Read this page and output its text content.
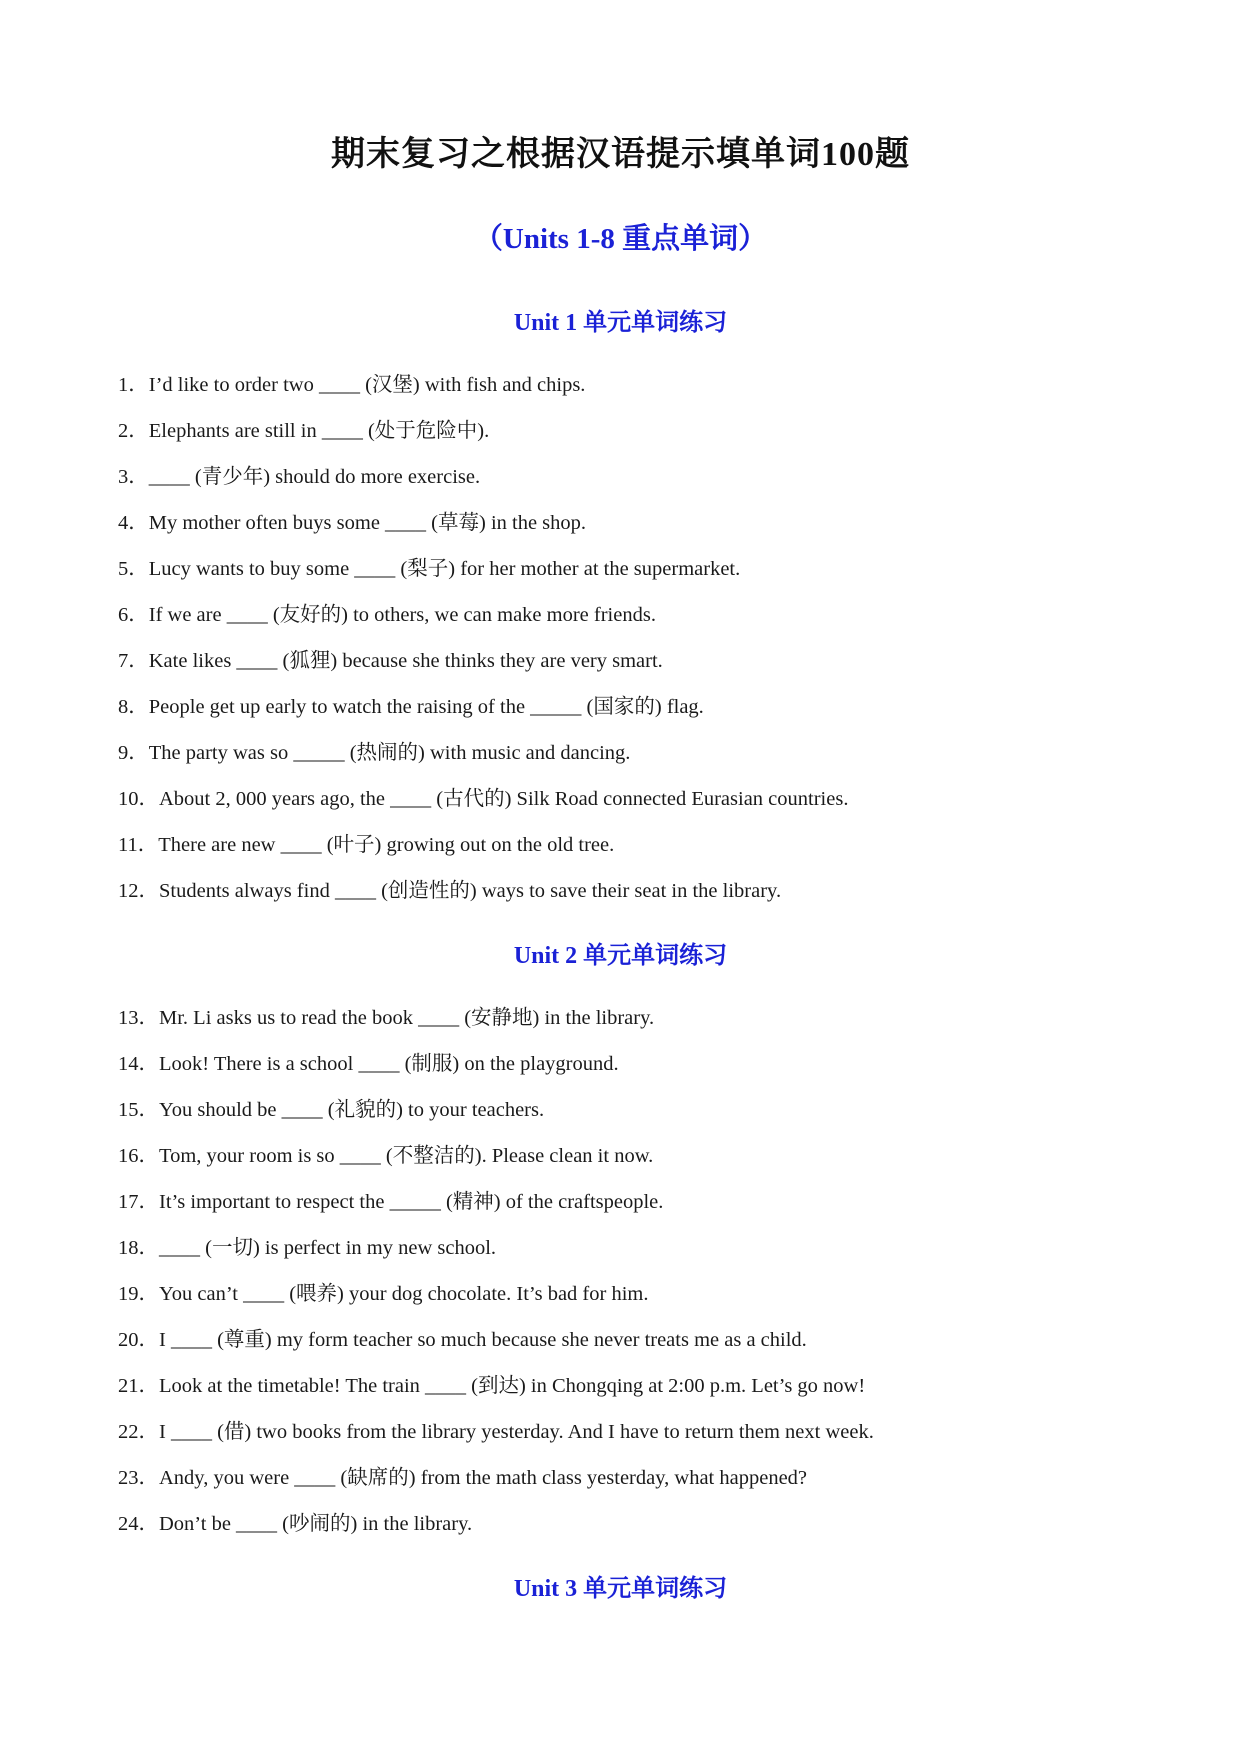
期末复习之根据汉语提示填单词100题
（Units 1-8 重点单词）
Unit 1 单元单词练习
1．I’d like to order two ____ (汉堡) with fish and chips.
2．Elephants are still in ____ (处于危险中).
3．____ (青少年) should do more exercise.
4．My mother often buys some ____ (草莓) in the shop.
5．Lucy wants to buy some ____ (梨子) for her mother at the supermarket.
6．If we are ____ (友好的) to others, we can make more friends.
7．Kate likes ____ (狐狸) because she thinks they are very smart.
8．People get up early to watch the raising of the _____ (国家的) flag.
9．The party was so _____ (热闹的) with music and dancing.
10．About 2, 000 years ago, the ____ (古代的) Silk Road connected Eurasian countries.
11．There are new ____ (叶子) growing out on the old tree.
12．Students always find ____ (创造性的) ways to save their seat in the library.
Unit 2 单元单词练习
13．Mr. Li asks us to read the book ____ (安静地) in the library.
14．Look! There is a school ____ (制服) on the playground.
15．You should be ____ (礼貌的) to your teachers.
16．Tom, your room is so ____ (不整洁的). Please clean it now.
17．It’s important to respect the _____ (精神) of the craftspeople.
18．____ (一切) is perfect in my new school.
19．You can’t ____ (喂养) your dog chocolate. It’s bad for him.
20．I ____ (尊重) my form teacher so much because she never treats me as a child.
21．Look at the timetable! The train ____ (到达) in Chongqing at 2:00 p.m. Let’s go now!
22．I ____ (借) two books from the library yesterday. And I have to return them next week.
23．Andy, you were ____ (缺席的) from the math class yesterday, what happened?
24．Don’t be ____ (吵闹的) in the library.
Unit 3 单元单词练习
